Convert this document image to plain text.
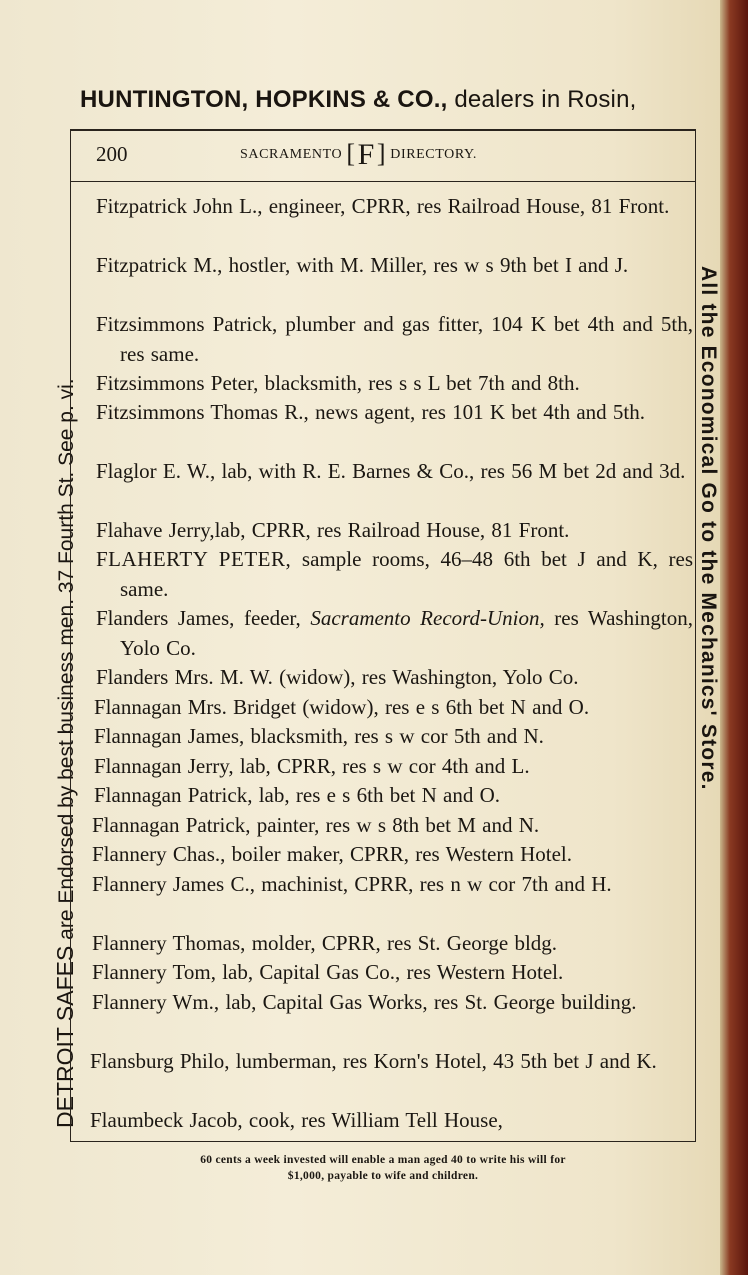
HUNTINGTON, HOPKINS & CO., dealers in Rosin,
DETROIT SAFES are Endorsed by best business men. 37 Fourth St. See p. vi.
200	SACRAMENTO [F] DIRECTORY.
Fitzpatrick John L., engineer, CPRR, res Railroad House, 81 Front.
Fitzpatrick M., hostler, with M. Miller, res w s 9th bet I and J.
Fitzsimmons Patrick, plumber and gas fitter, 104 K bet 4th and 5th, res same.
Fitzsimmons Peter, blacksmith, res s s L bet 7th and 8th.
Fitzsimmons Thomas R., news agent, res 101 K bet 4th and 5th.
Flaglor E. W., lab, with R. E. Barnes & Co., res 56 M bet 2d and 3d.
Flahave Jerry,lab, CPRR, res Railroad House, 81 Front.
FLAHERTY PETER, sample rooms, 46–48 6th bet J and K, res same.
Flanders James, feeder, Sacramento Record-Union, res Washington, Yolo Co.
Flanders Mrs. M. W. (widow), res Washington, Yolo Co.
Flannagan Mrs. Bridget (widow), res e s 6th bet N and O.
Flannagan James, blacksmith, res s w cor 5th and N.
Flannagan Jerry, lab, CPRR, res s w cor 4th and L.
Flannagan Patrick, lab, res e s 6th bet N and O.
Flannagan Patrick, painter, res w s 8th bet M and N.
Flannery Chas., boiler maker, CPRR, res Western Hotel.
Flannery James C., machinist, CPRR, res n w cor 7th and H.
Flannery Thomas, molder, CPRR, res St. George bldg.
Flannery Tom, lab, Capital Gas Co., res Western Hotel.
Flannery Wm., lab, Capital Gas Works, res St. George building.
Flansburg Philo, lumberman, res Korn's Hotel, 43 5th bet J and K.
Flaumbeck Jacob, cook, res William Tell House,
60 cents a week invested will enable a man aged 40 to write his will for
$1,000, payable to wife and children.
All the Economical Go to the Mechanics' Store.
